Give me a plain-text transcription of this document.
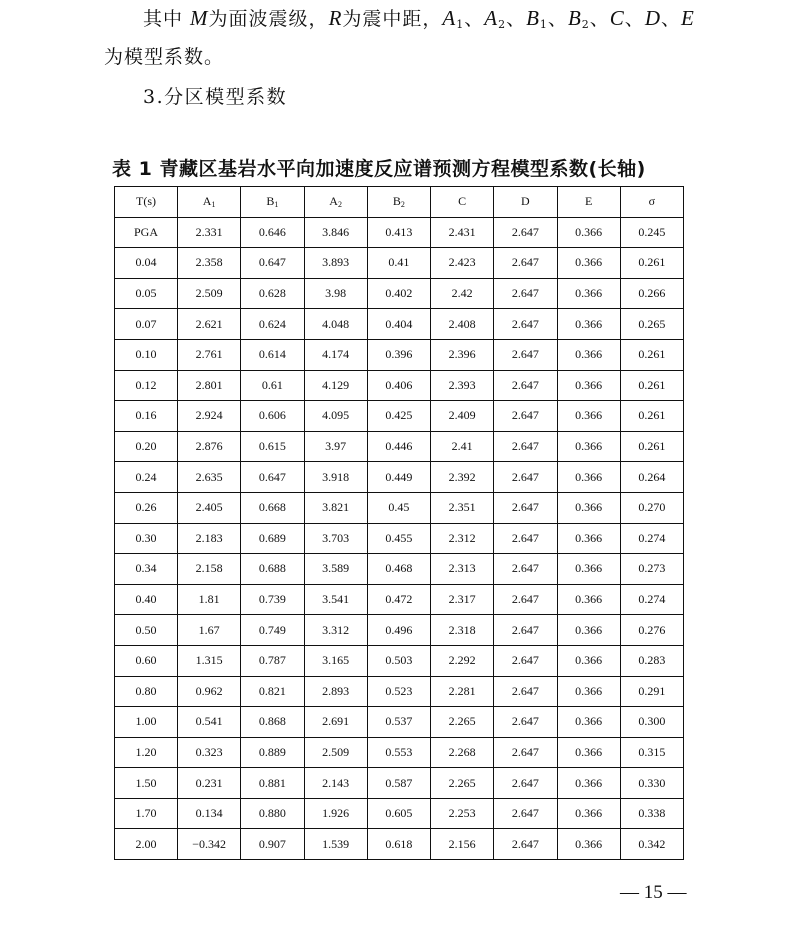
其中 M为面波震级，R为震中距，$A_1$、$A_2$、$B_1$、$B_2$、C、D、E
为模型系数。
3.分区模型系数
表 1 青藏区基岩水平向加速度反应谱预测方程模型系数(长轴)
T(s)	$A_1$	$B_1$	$A_2$	$B_2$	C	D	E	σ
PGA	2.331	0.646	3.846	0.413	2.431	2.647	0.366	0.245
0.04	2.358	0.647	3.893	0.41	2.423	2.647	0.366	0.261
0.05	2.509	0.628	3.98	0.402	2.42	2.647	0.366	0.266
0.07	2.621	0.624	4.048	0.404	2.408	2.647	0.366	0.265
0.10	2.761	0.614	4.174	0.396	2.396	2.647	0.366	0.261
0.12	2.801	0.61	4.129	0.406	2.393	2.647	0.366	0.261
0.16	2.924	0.606	4.095	0.425	2.409	2.647	0.366	0.261
0.20	2.876	0.615	3.97	0.446	2.41	2.647	0.366	0.261
0.24	2.635	0.647	3.918	0.449	2.392	2.647	0.366	0.264
0.26	2.405	0.668	3.821	0.45	2.351	2.647	0.366	0.270
0.30	2.183	0.689	3.703	0.455	2.312	2.647	0.366	0.274
0.34	2.158	0.688	3.589	0.468	2.313	2.647	0.366	0.273
0.40	1.81	0.739	3.541	0.472	2.317	2.647	0.366	0.274
0.50	1.67	0.749	3.312	0.496	2.318	2.647	0.366	0.276
0.60	1.315	0.787	3.165	0.503	2.292	2.647	0.366	0.283
0.80	0.962	0.821	2.893	0.523	2.281	2.647	0.366	0.291
1.00	0.541	0.868	2.691	0.537	2.265	2.647	0.366	0.300
1.20	0.323	0.889	2.509	0.553	2.268	2.647	0.366	0.315
1.50	0.231	0.881	2.143	0.587	2.265	2.647	0.366	0.330
1.70	0.134	0.880	1.926	0.605	2.253	2.647	0.366	0.338
2.00	−0.342	0.907	1.539	0.618	2.156	2.647	0.366	0.342
— 15 —
